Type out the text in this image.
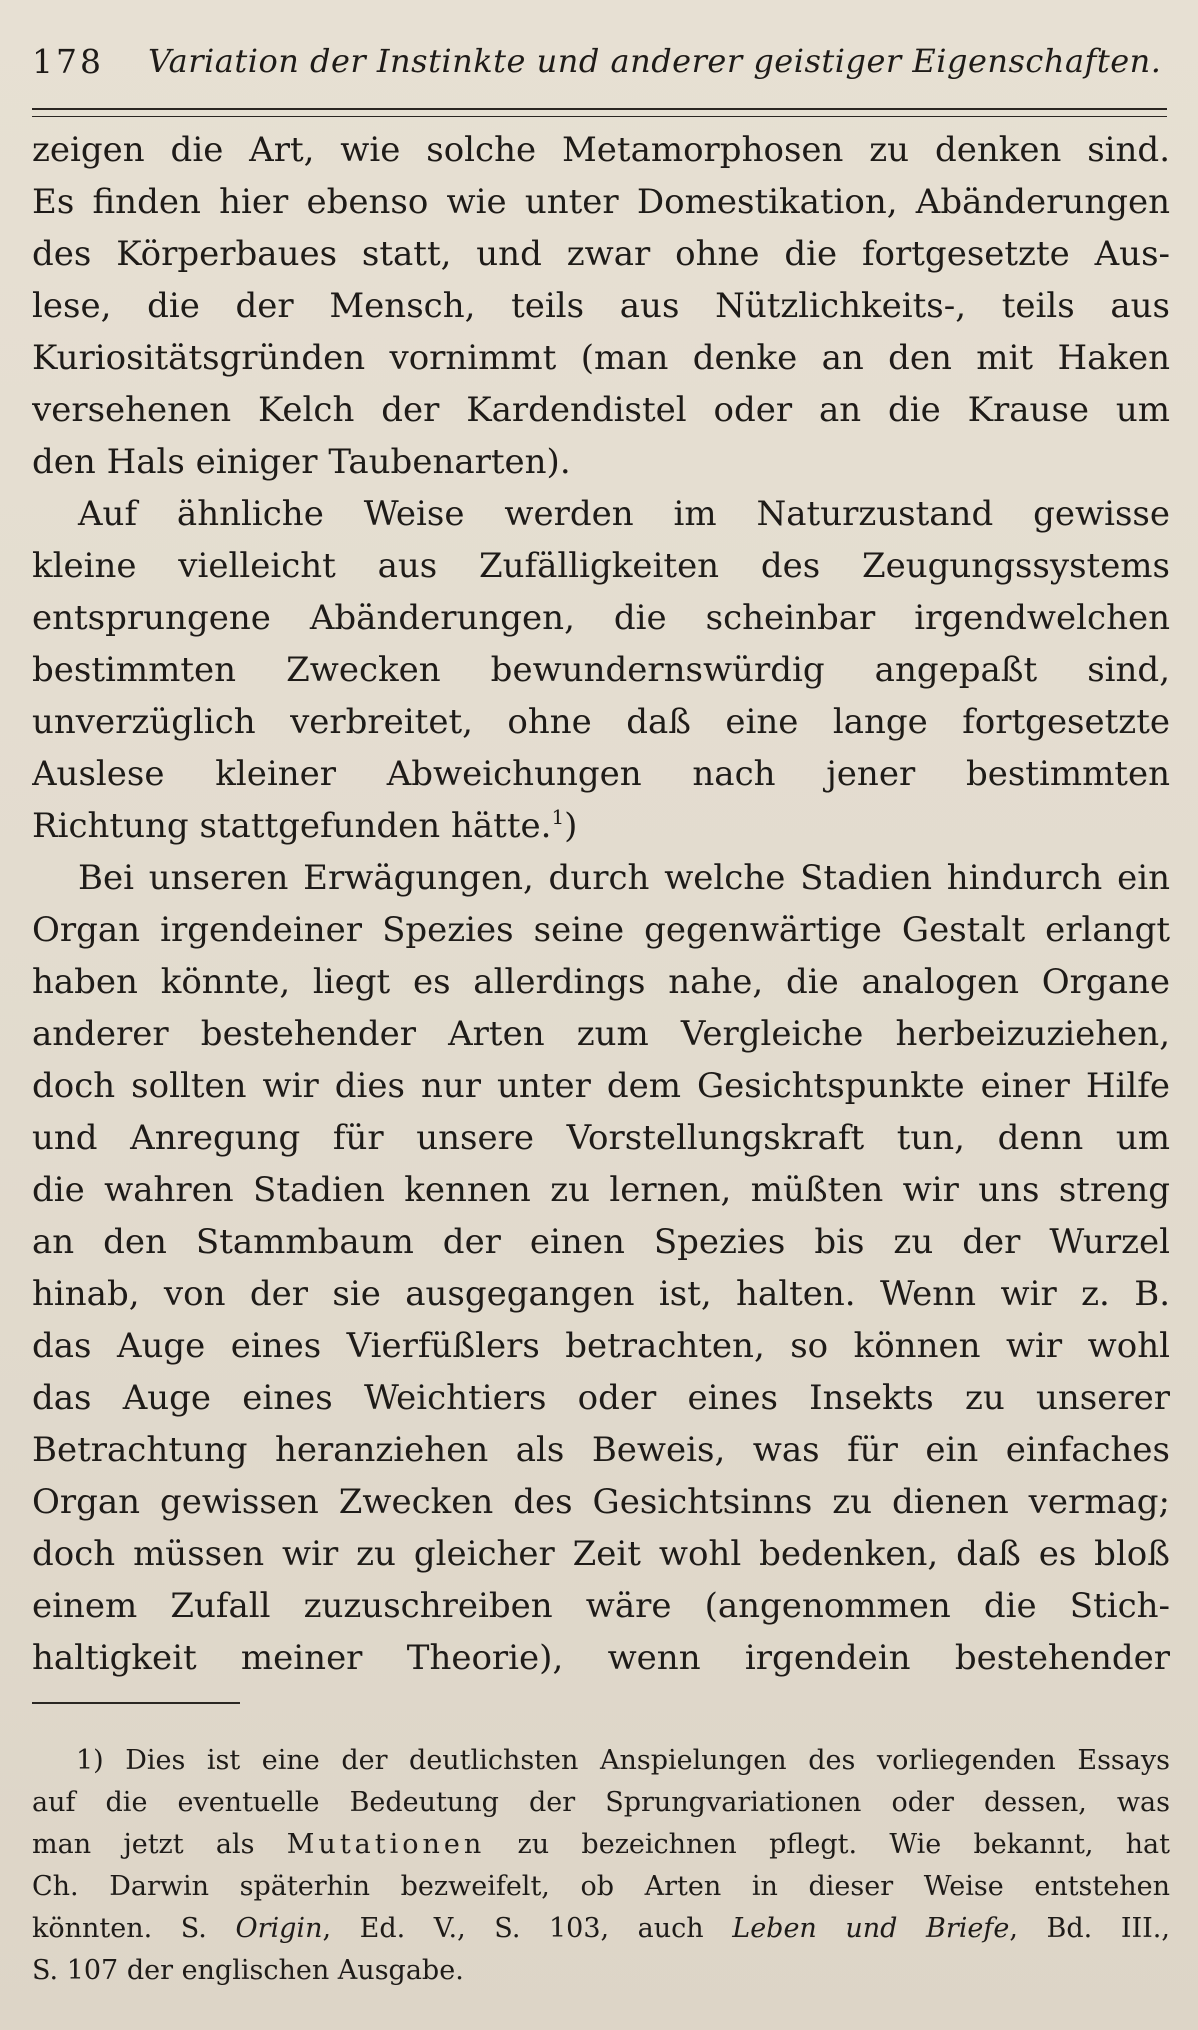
178 Variation der Instinkte und anderer geistiger Eigenschaften.
zeigen die Art, wie solche Metamorphosen zu denken sind.
Es finden hier ebenso wie unter Domestikation, Abänderungen
des Körperbaues statt, und zwar ohne die fortgesetzte Aus-
lese, die der Mensch, teils aus Nützlichkeits-, teils aus
Kuriositätsgründen vornimmt (man denke an den mit Haken
versehenen Kelch der Kardendistel oder an die Krause um
den Hals einiger Taubenarten).
Auf ähnliche Weise werden im Naturzustand gewisse
kleine vielleicht aus Zufälligkeiten des Zeugungssystems
entsprungene Abänderungen, die scheinbar irgendwelchen
bestimmten Zwecken bewundernswürdig angepaßt sind,
unverzüglich verbreitet, ohne daß eine lange fortgesetzte
Auslese kleiner Abweichungen nach jener bestimmten
Richtung stattgefunden hätte.$^1$)
Bei unseren Erwägungen, durch welche Stadien hindurch ein
Organ irgendeiner Spezies seine gegenwärtige Gestalt erlangt
haben könnte, liegt es allerdings nahe, die analogen Organe
anderer bestehender Arten zum Vergleiche herbeizuziehen,
doch sollten wir dies nur unter dem Gesichtspunkte einer Hilfe
und Anregung für unsere Vorstellungskraft tun, denn um
die wahren Stadien kennen zu lernen, müßten wir uns streng
an den Stammbaum der einen Spezies bis zu der Wurzel
hinab, von der sie ausgegangen ist, halten. Wenn wir z. B.
das Auge eines Vierfüßlers betrachten, so können wir wohl
das Auge eines Weichtiers oder eines Insekts zu unserer
Betrachtung heranziehen als Beweis, was für ein einfaches
Organ gewissen Zwecken des Gesichtsinns zu dienen vermag;
doch müssen wir zu gleicher Zeit wohl bedenken, daß es bloß
einem Zufall zuzuschreiben wäre (angenommen die Stich-
haltigkeit meiner Theorie), wenn irgendein bestehender
1) Dies ist eine der deutlichsten Anspielungen des vorliegenden Essays
auf die eventuelle Bedeutung der Sprungvariationen oder dessen, was
man jetzt als Mutationen zu bezeichnen pflegt. Wie bekannt, hat
Ch. Darwin späterhin bezweifelt, ob Arten in dieser Weise entstehen
könnten. S. Origin, Ed. V., S. 103, auch Leben und Briefe, Bd. III.,
S. 107 der englischen Ausgabe.
